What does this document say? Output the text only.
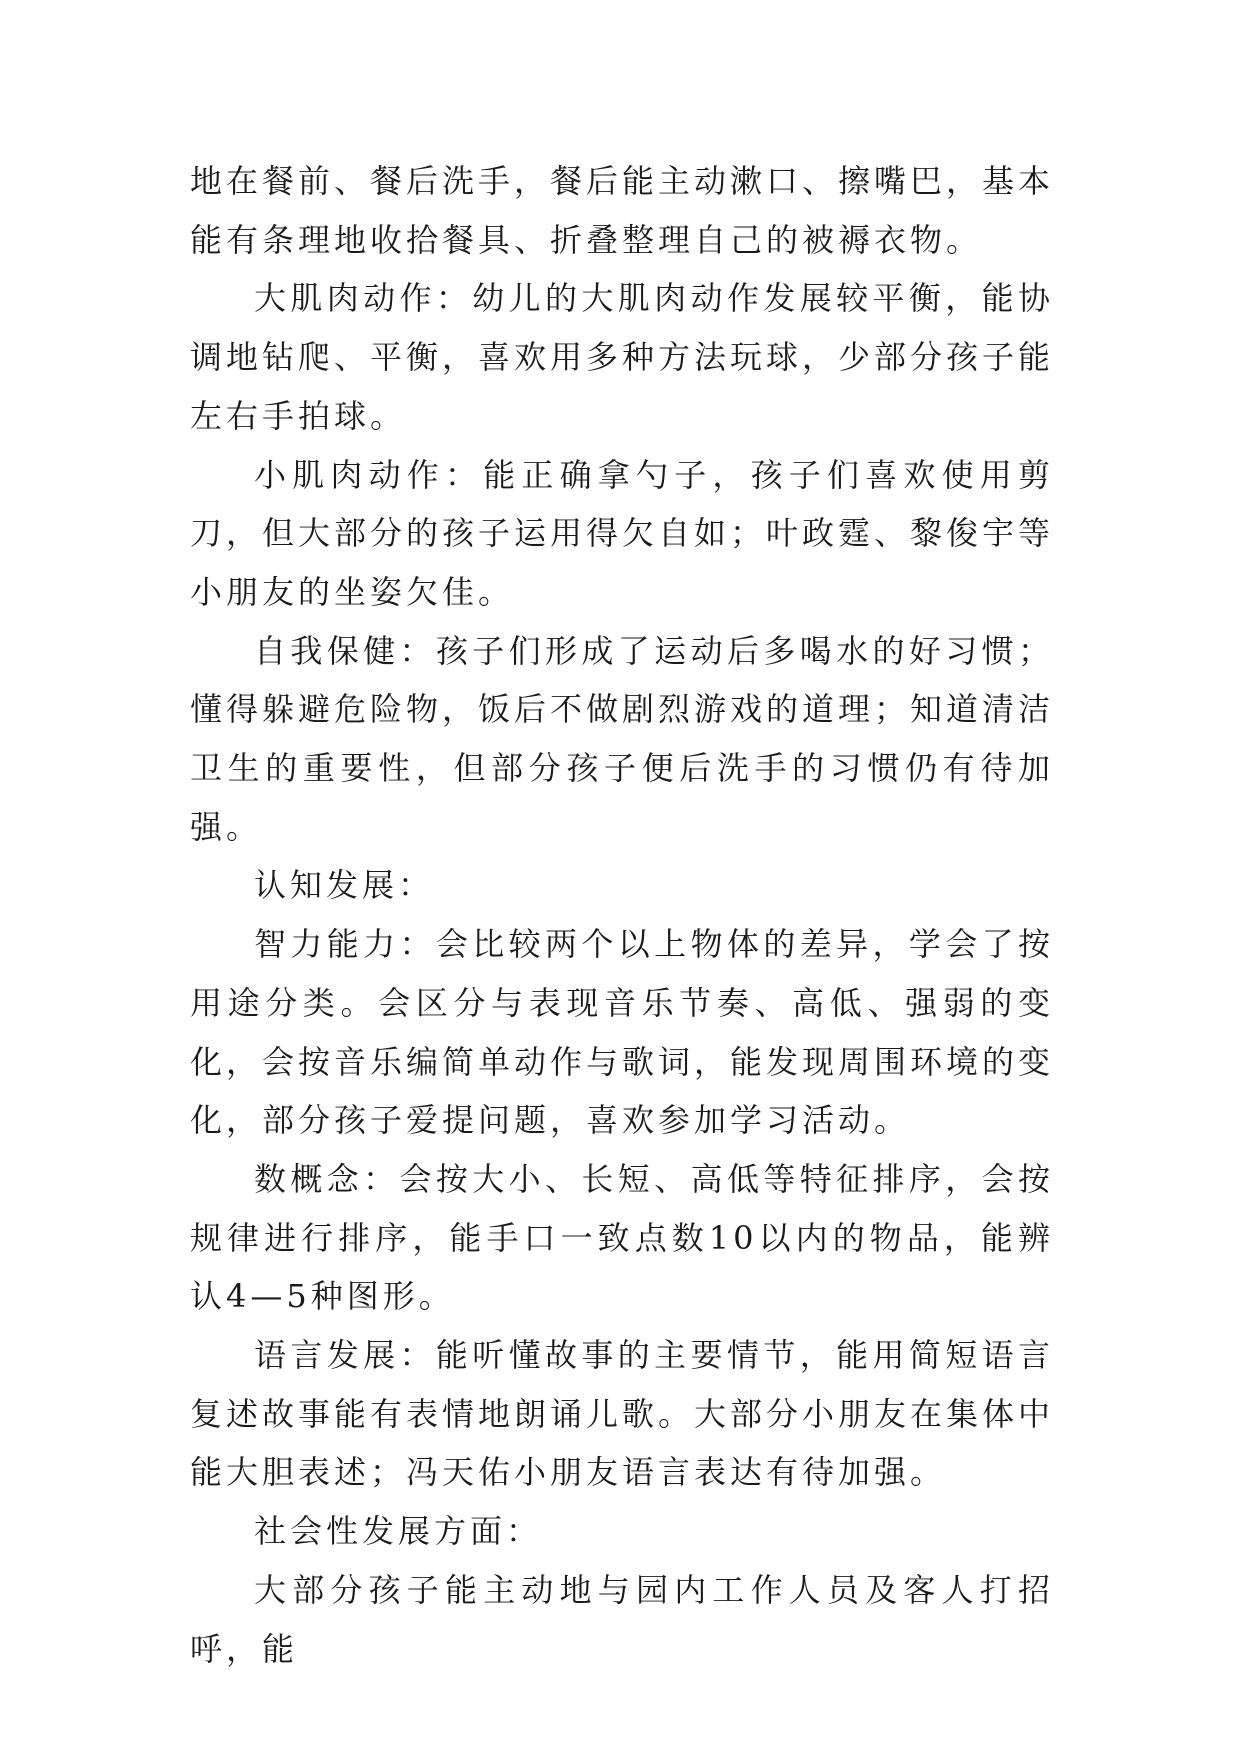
地在餐前、餐后洗手，餐后能主动漱口、擦嘴巴，基本能有条理地收拾餐具、折叠整理自己的被褥衣物。

大肌肉动作：幼儿的大肌肉动作发展较平衡，能协调地钻爬、平衡，喜欢用多种方法玩球，少部分孩子能左右手拍球。

小肌肉动作：能正确拿勺子，孩子们喜欢使用剪刀，但大部分的孩子运用得欠自如；叶政霆、黎俊宇等小朋友的坐姿欠佳。

自我保健：孩子们形成了运动后多喝水的好习惯；懂得躲避危险物，饭后不做剧烈游戏的道理；知道清洁卫生的重要性，但部分孩子便后洗手的习惯仍有待加强。

认知发展：

智力能力：会比较两个以上物体的差异，学会了按用途分类。会区分与表现音乐节奏、高低、强弱的变化，会按音乐编简单动作与歌词，能发现周围环境的变化，部分孩子爱提问题，喜欢参加学习活动。

数概念：会按大小、长短、高低等特征排序，会按规律进行排序，能手口一致点数10以内的物品，能辨认4—5种图形。

语言发展：能听懂故事的主要情节，能用简短语言复述故事能有表情地朗诵儿歌。大部分小朋友在集体中能大胆表述；冯天佑小朋友语言表达有待加强。

社会性发展方面：

大部分孩子能主动地与园内工作人员及客人打招呼，能
